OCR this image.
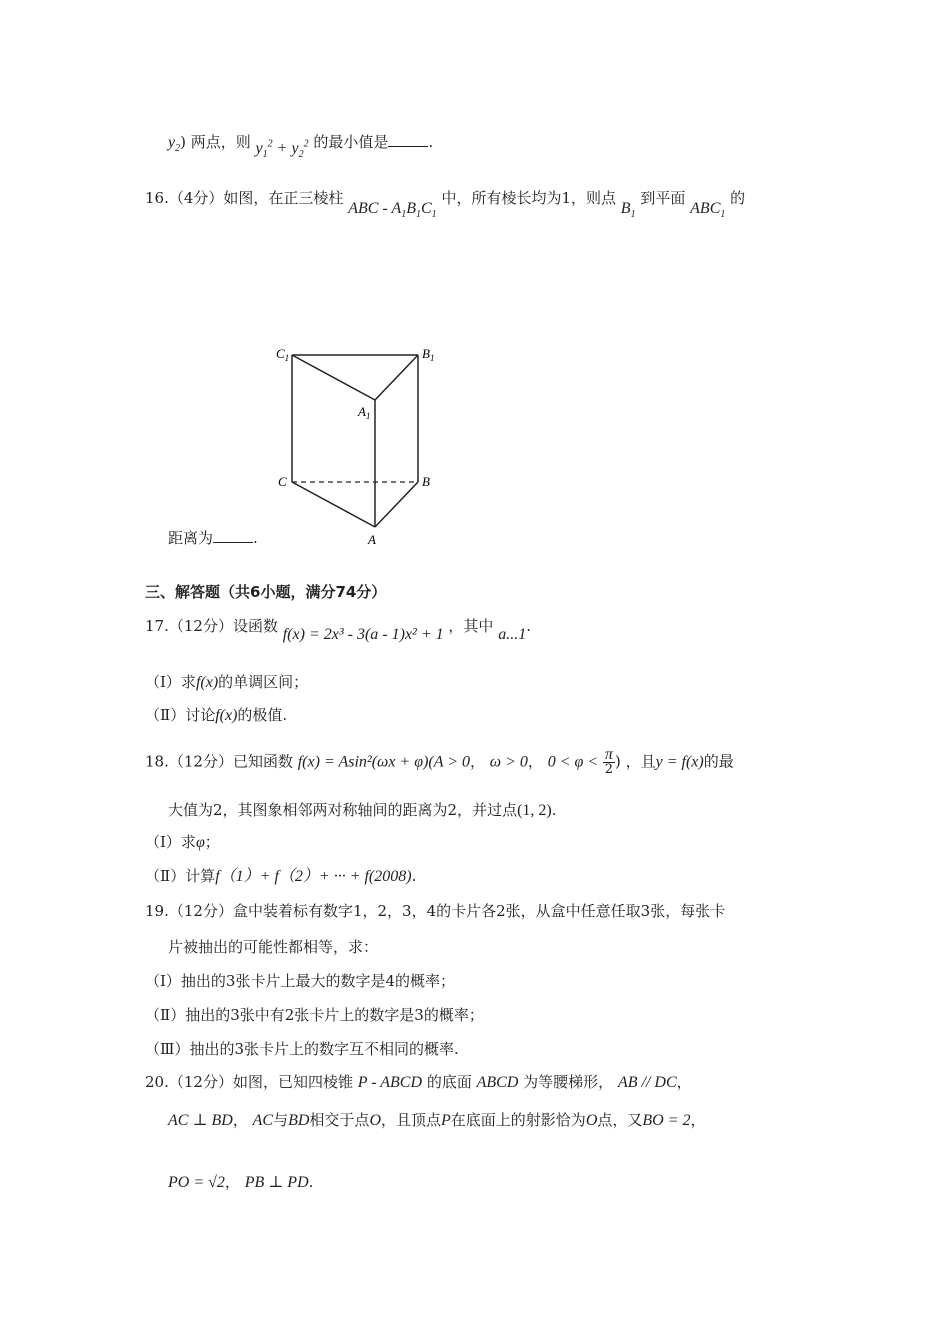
$y_2$) 两点，则 $y_1^2 + y_2^2$ 的最小值是	.
16.（4分）如图，在正三棱柱 ABC - $A_1B_1C_1$ 中，所有棱长均为1，则点 $B_1$ 到平面 $ABC_1$ 的
$C_1$	$B_1$
$A_1$
C	B
A
距离为	.
三、解答题（共6小题，满分74分）
17.（12分）设函数 f(x) = 2x³ - 3(a - 1)x² + 1 ，其中 a...1.
（Ⅰ）求f(x)的单调区间；
（Ⅱ）讨论f(x)的极值.
18.（12分）已知函数 f(x) = Asin²(ωx + φ)(A > 0， ω > 0， $0 < \varphi < \frac{\pi}{2}$ ) ，且y = f(x)的最
大值为2，其图象相邻两对称轴间的距离为2，并过点(1, 2).
（Ⅰ）求φ；
（Ⅱ）计算f（1）+ f（2）+ ··· + f(2008).
19.（12分）盒中装着标有数字1，2，3，4的卡片各2张，从盒中任意任取3张，每张卡
片被抽出的可能性都相等，求：
（Ⅰ）抽出的3张卡片上最大的数字是4的概率；
（Ⅱ）抽出的3张中有2张卡片上的数字是3的概率；
（Ⅲ）抽出的3张卡片上的数字互不相同的概率.
20.（12分）如图，已知四棱锥 P - ABCD 的底面 ABCD 为等腰梯形， AB // DC，
AC ⊥ BD， AC与BD相交于点O，且顶点P在底面上的射影恰为O点，又BO = 2，
PO = √2， PB ⊥ PD.
